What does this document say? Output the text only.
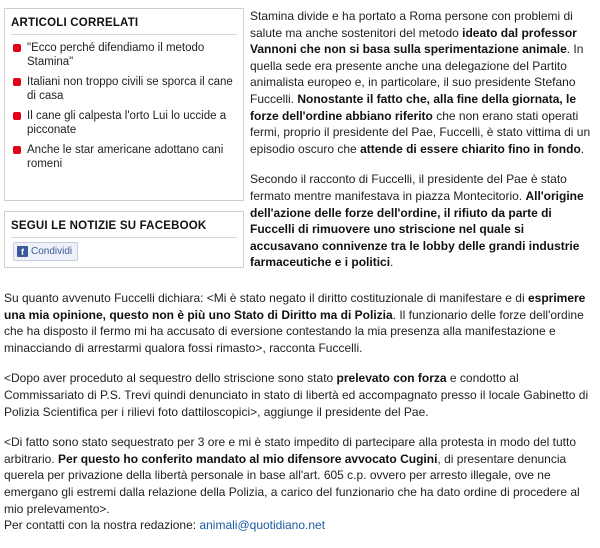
ARTICOLI CORRELATI
"Ecco perché difendiamo il metodo Stamina"
Italiani non troppo civili se sporca il cane di casa
Il cane gli calpesta l'orto Lui lo uccide a picconate
Anche le star americane adottano cani romeni
SEGUI LE NOTIZIE SU FACEBOOK
f Condividi

Stamina divide e ha portato a Roma persone con problemi di salute ma anche sostenitori del metodo ideato dal professor Vannoni che non si basa sulla sperimentazione animale. In quella sede era presente anche una delegazione del Partito animalista europeo e, in particolare, il suo presidente Stefano Fuccelli. Nonostante il fatto che, alla fine della giornata, le forze dell'ordine abbiano riferito che non erano stati operati fermi, proprio il presidente del Pae, Fuccelli, è stato vittima di un episodio oscuro che attende di essere chiarito fino in fondo.

Secondo il racconto di Fuccelli, il presidente del Pae è stato fermato mentre manifestava in piazza Montecitorio. All'origine dell'azione delle forze dell'ordine, il rifiuto da parte di Fuccelli di rimuovere uno striscione nel quale si accusavano connivenze tra le lobby delle grandi industrie farmaceutiche e i politici.

Su quanto avvenuto Fuccelli dichiara: <Mi è stato negato il diritto costituzionale di manifestare e di esprimere una mia opinione, questo non è più uno Stato di Diritto ma di Polizia. Il funzionario delle forze dell'ordine che ha disposto il fermo mi ha accusato di eversione contestando la mia presenza alla manifestazione e minacciando di arrestarmi qualora fossi rimasto>, racconta Fuccelli.

<Dopo aver proceduto al sequestro dello striscione sono stato prelevato con forza e condotto al Commissariato di P.S. Trevi quindi denunciato in stato di libertà ed accompagnato presso il locale Gabinetto di Polizia Scientifica per i rilievi foto dattiloscopici>, aggiunge il presidente del Pae.

<Di fatto sono stato sequestrato per 3 ore e mi è stato impedito di partecipare alla protesta in modo del tutto arbitrario. Per questo ho conferito mandato al mio difensore avvocato Cugini, di presentare denuncia querela per privazione della libertà personale in base all'art. 605 c.p. ovvero per arresto illegale, ove ne emergano gli estremi dalla relazione della Polizia, a carico del funzionario che ha dato ordine di procedere al mio prelevamento>.

Per contatti con la nostra redazione: animali@quotidiano.net
